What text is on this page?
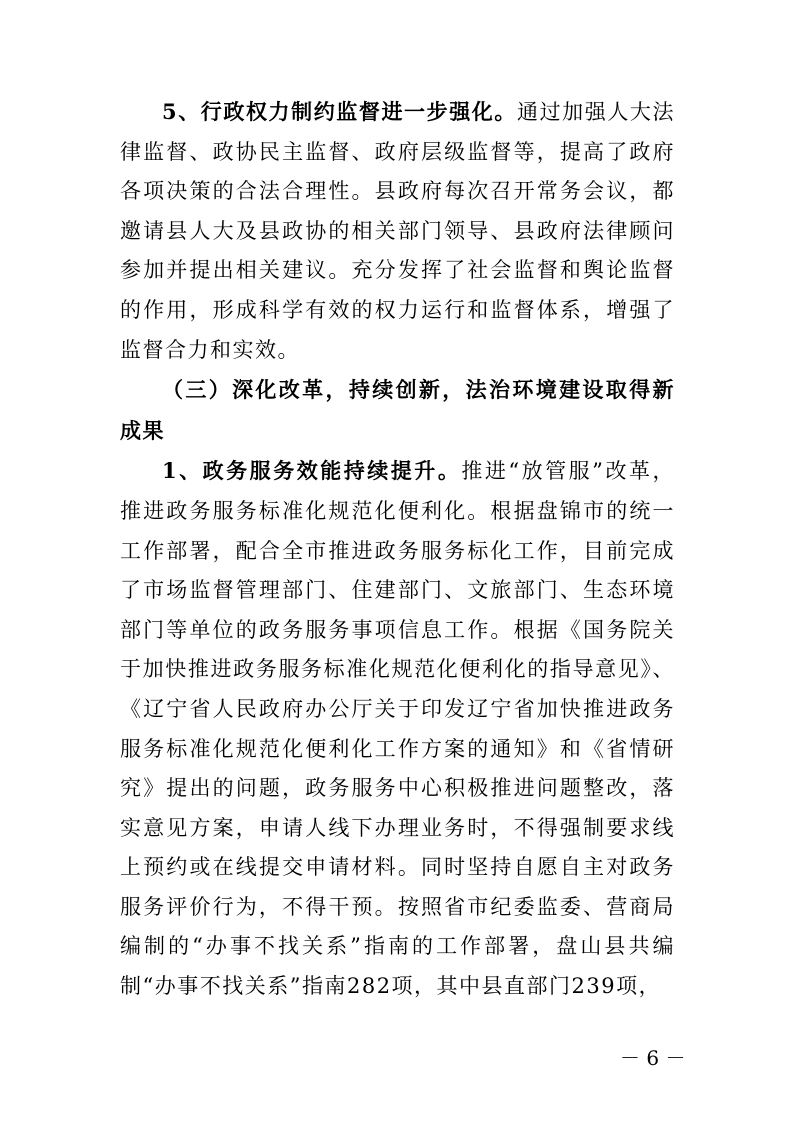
5、行政权力制约监督进一步强化。通过加强人大法律监督、政协民主监督、政府层级监督等，提高了政府各项决策的合法合理性。县政府每次召开常务会议，都邀请县人大及县政协的相关部门领导、县政府法律顾问参加并提出相关建议。充分发挥了社会监督和舆论监督的作用，形成科学有效的权力运行和监督体系，增强了监督合力和实效。

（三）深化改革，持续创新，法治环境建设取得新成果

1、政务服务效能持续提升。推进“放管服”改革，推进政务服务标准化规范化便利化。根据盘锦市的统一工作部署，配合全市推进政务服务标化工作，目前完成了市场监督管理部门、住建部门、文旅部门、生态环境部门等单位的政务服务事项信息工作。根据《国务院关于加快推进政务服务标准化规范化便利化的指导意见》、《辽宁省人民政府办公厅关于印发辽宁省加快推进政务服务标准化规范化便利化工作方案的通知》和《省情研究》提出的问题，政务服务中心积极推进问题整改，落实意见方案，申请人线下办理业务时，不得强制要求线上预约或在线提交申请材料。同时坚持自愿自主对政务服务评价行为，不得干预。按照省市纪委监委、营商局编制的“办事不找关系”指南的工作部署，盘山县共编制“办事不找关系”指南282项，其中县直部门239项，

－ 6 －
